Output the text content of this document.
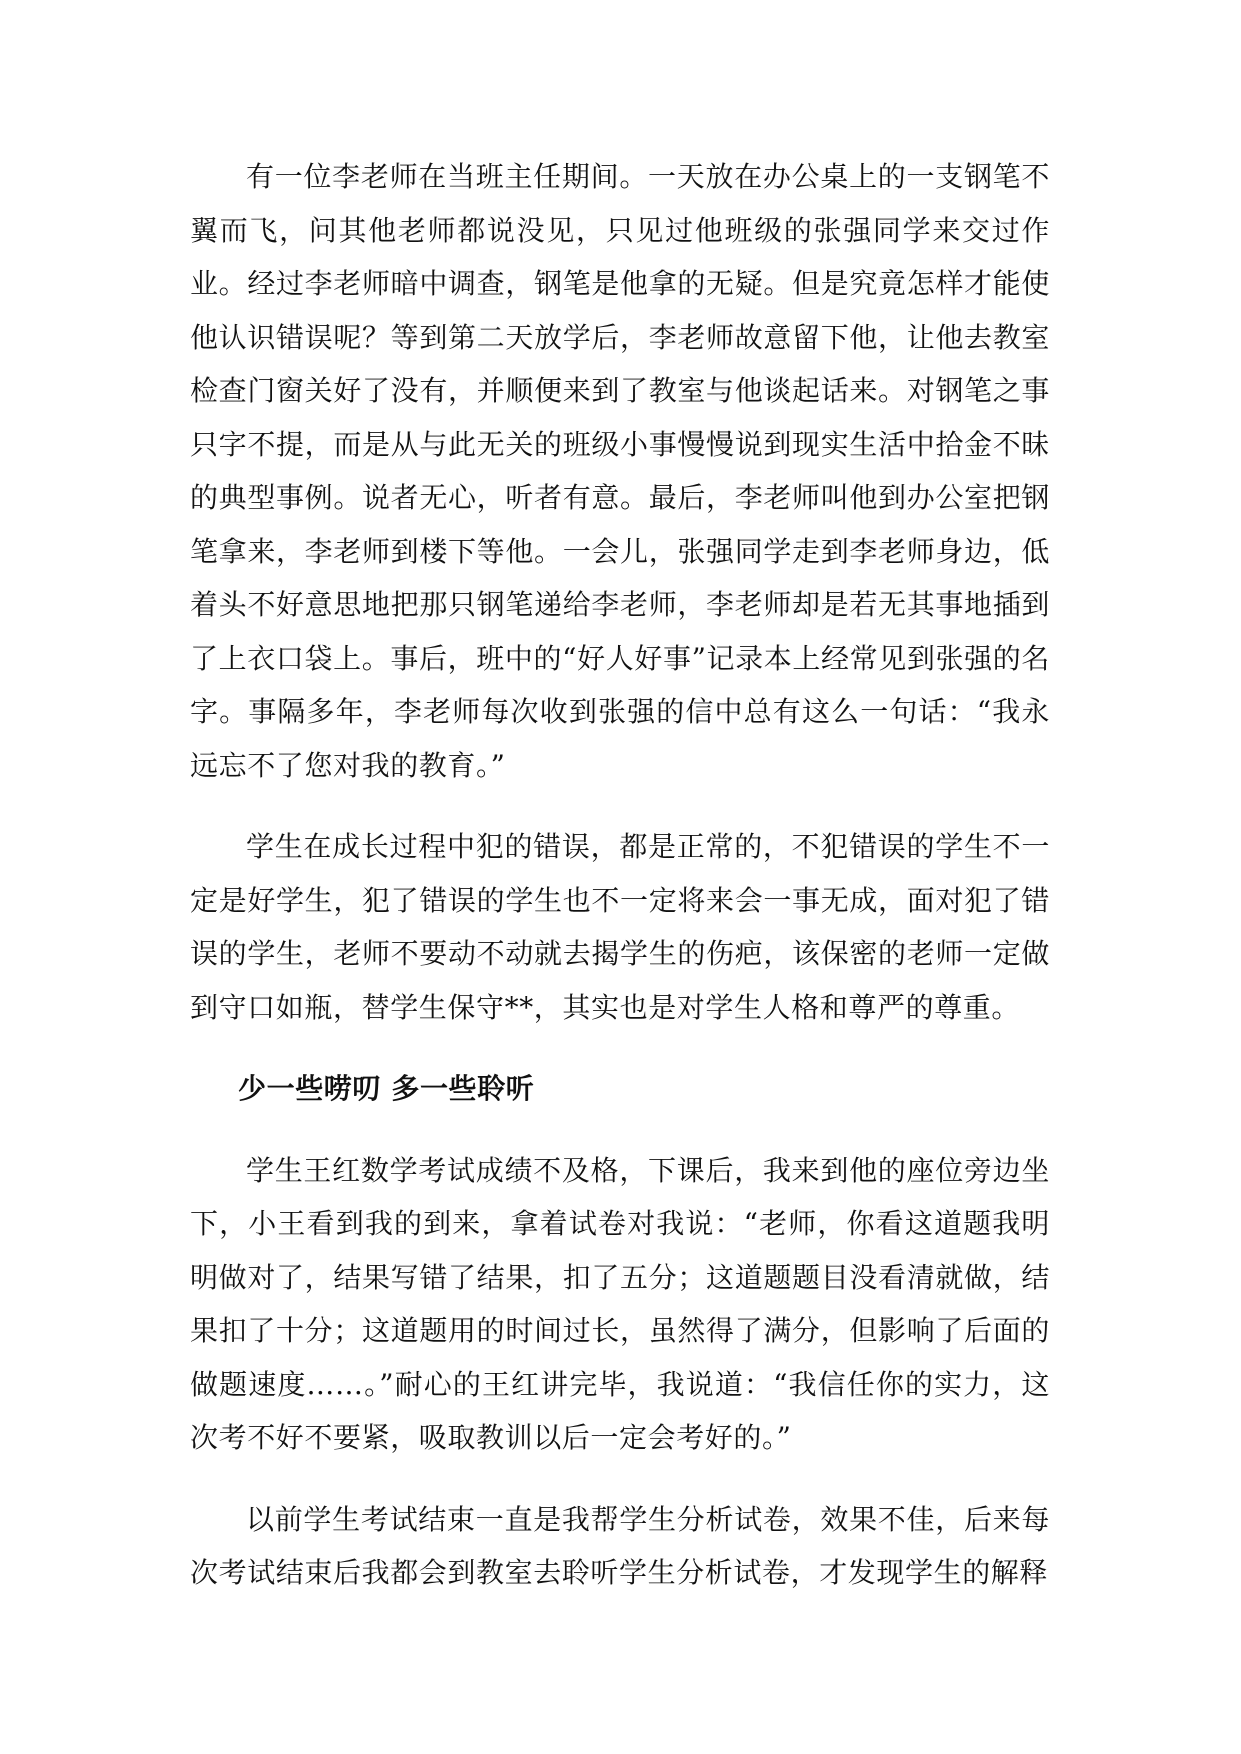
有一位李老师在当班主任期间。一天放在办公桌上的一支钢笔不翼而飞，问其他老师都说没见，只见过他班级的张强同学来交过作业。经过李老师暗中调查，钢笔是他拿的无疑。但是究竟怎样才能使他认识错误呢？等到第二天放学后，李老师故意留下他，让他去教室检查门窗关好了没有，并顺便来到了教室与他谈起话来。对钢笔之事只字不提，而是从与此无关的班级小事慢慢说到现实生活中拾金不昧的典型事例。说者无心，听者有意。最后，李老师叫他到办公室把钢笔拿来，李老师到楼下等他。一会儿，张强同学走到李老师身边，低着头不好意思地把那只钢笔递给李老师，李老师却是若无其事地插到了上衣口袋上。事后，班中的“好人好事”记录本上经常见到张强的名字。事隔多年，李老师每次收到张强的信中总有这么一句话：“我永远忘不了您对我的教育。”

学生在成长过程中犯的错误，都是正常的，不犯错误的学生不一定是好学生，犯了错误的学生也不一定将来会一事无成，面对犯了错误的学生，老师不要动不动就去揭学生的伤疤，该保密的老师一定做到守口如瓶，替学生保守**，其实也是对学生人格和尊严的尊重。

少一些唠叨 多一些聆听

学生王红数学考试成绩不及格，下课后，我来到他的座位旁边坐下，小王看到我的到来，拿着试卷对我说：“老师，你看这道题我明明做对了，结果写错了结果，扣了五分；这道题题目没看清就做，结果扣了十分；这道题用的时间过长，虽然得了满分，但影响了后面的做题速度……。”耐心的王红讲完毕，我说道：“我信任你的实力，这次考不好不要紧，吸取教训以后一定会考好的。”

以前学生考试结束一直是我帮学生分析试卷，效果不佳，后来每次考试结束后我都会到教室去聆听学生分析试卷，才发现学生的解释
